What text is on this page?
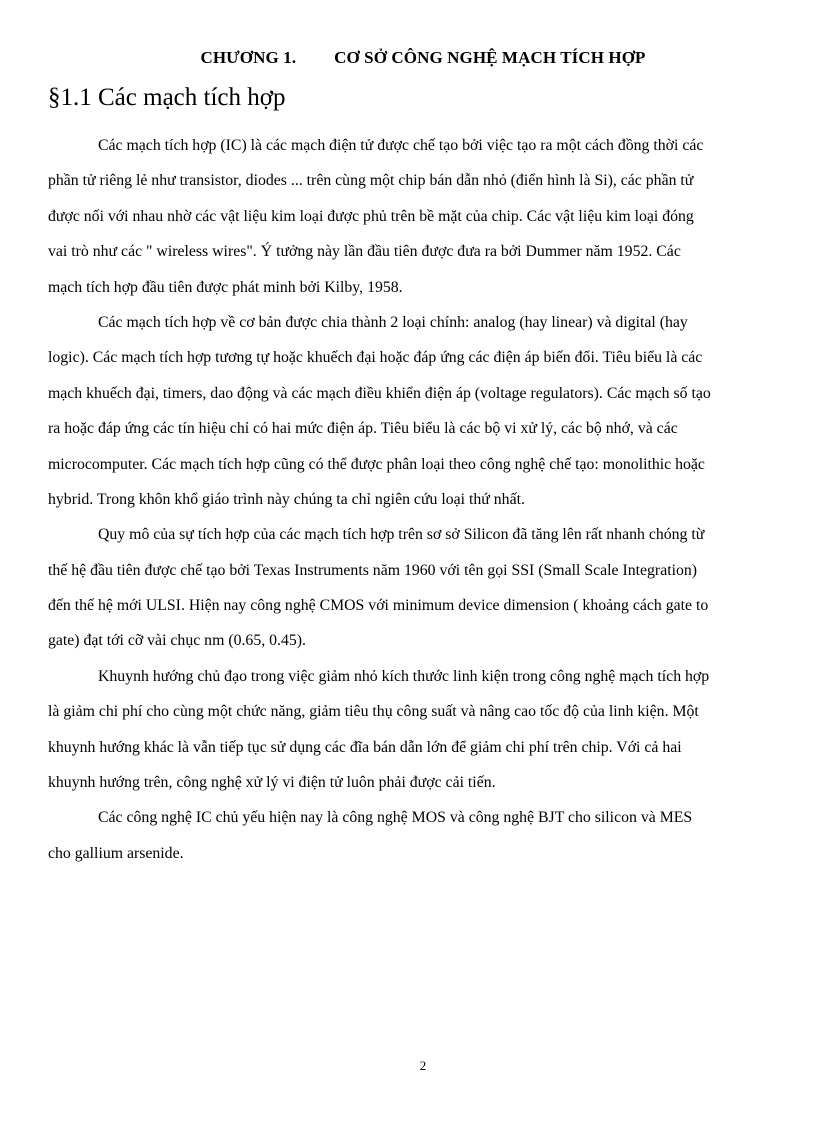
CHƯƠNG 1. CƠ SỞ CÔNG NGHỆ MẠCH TÍCH HỢP
§1.1 Các mạch tích hợp
Các mạch tích hợp (IC) là các mạch điện tử được chế tạo bởi việc tạo ra một cách đồng thời các
phần tử riêng lẻ như transistor, diodes ... trên cùng một chip bán dẫn nhỏ (điển hình là Si), các phần tử
được nối với nhau nhờ các vật liệu kim loại được phủ trên bề mặt của chip. Các vật liệu kim loại đóng
vai trò như các " wireless wires". Ý tưởng này lần đầu tiên được đưa ra bởi Dummer năm 1952. Các
mạch tích hợp đầu tiên được phát minh bởi Kilby, 1958.
Các mạch tích hợp về cơ bản được chia thành 2 loại chính: analog (hay linear) và digital (hay
logic). Các mạch tích hợp tương tự hoặc khuếch đại hoặc đáp ứng các điện áp biến đổi. Tiêu biểu là các
mạch khuếch đại, timers, dao động và các mạch điều khiển điện áp (voltage regulators). Các mạch số tạo
ra hoặc đáp ứng các tín hiệu chỉ có hai mức điện áp. Tiêu biểu là các bộ vi xử lý, các bộ nhớ, và các
microcomputer. Các mạch tích hợp cũng có thể được phân loại theo công nghệ chế tạo: monolithic hoặc
hybrid. Trong khôn khổ giáo trình này chúng ta chỉ ngiên cứu loại thứ nhất.
Quy mô của sự tích hợp của các mạch tích hợp trên sơ sở Silicon đã tăng lên rất nhanh chóng từ
thế hệ đầu tiên được chế tạo bởi Texas Instruments năm 1960 với tên gọi SSI (Small Scale Integration)
đến thế hệ mới ULSI. Hiện nay công nghệ CMOS với minimum device dimension ( khoảng cách gate to
gate) đạt tới cỡ vài chục nm (0.65, 0.45).
Khuynh hướng chủ đạo trong việc giảm nhỏ kích thước linh kiện trong công nghệ mạch tích hợp
là giảm chi phí cho cùng một chức năng, giảm tiêu thụ công suất và nâng cao tốc độ của linh kiện. Một
khuynh hướng khác là vẫn tiếp tục sử dụng các đĩa bán dẫn lớn để giảm chi phí trên chip. Với cả hai
khuynh hướng trên, công nghệ xử lý vi điện tử luôn phải được cải tiến.
Các công nghệ IC chủ yếu hiện nay là công nghệ MOS và công nghệ BJT cho silicon và MES
cho gallium arsenide.
2
